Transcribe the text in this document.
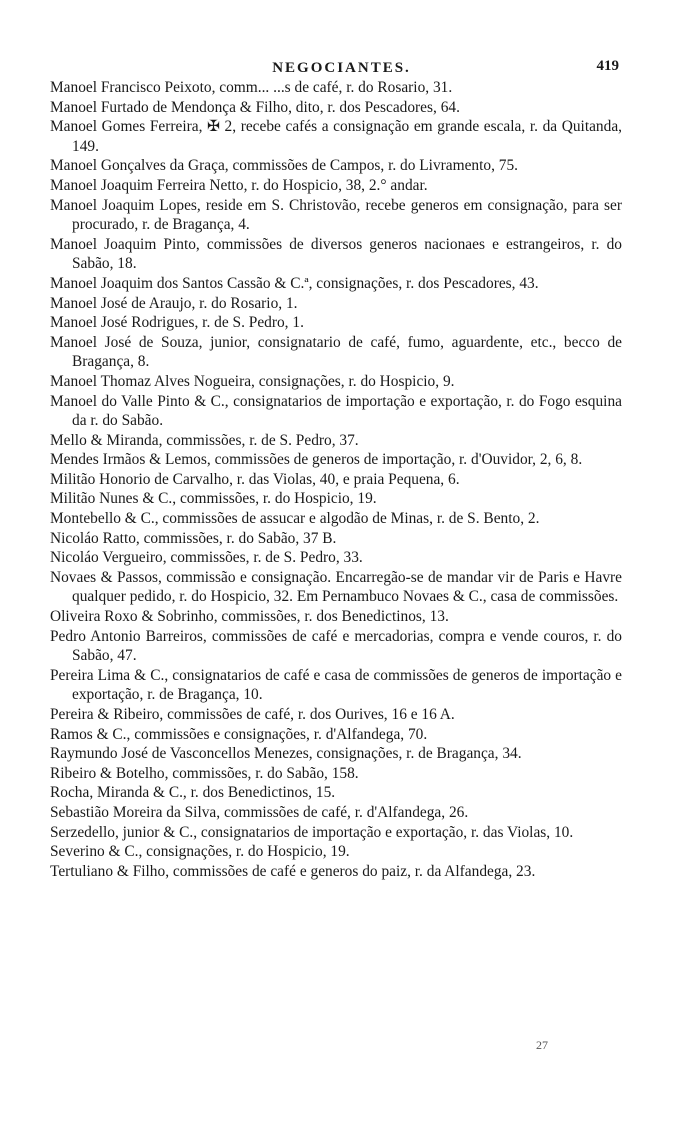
NEGOCIANTES.	419

Manoel Francisco Peixoto, comm... ...s de café, r. do Rosario, 31.

Manoel Furtado de Mendonça & Filho, dito, r. dos Pescadores, 64.

Manoel Gomes Ferreira, ✠ 2, recebe cafés a consignação em grande escala, r. da Quitanda, 149.

Manoel Gonçalves da Graça, commissões de Campos, r. do Livramento, 75.

Manoel Joaquim Ferreira Netto, r. do Hospicio, 38, 2.° andar.

Manoel Joaquim Lopes, reside em S. Christovão, recebe generos em consignação, para ser procurado, r. de Bragança, 4.

Manoel Joaquim Pinto, commissões de diversos generos nacionaes e estrangeiros, r. do Sabão, 18.

Manoel Joaquim dos Santos Cassão & C.ª, consignações, r. dos Pescadores, 43.

Manoel José de Araujo, r. do Rosario, 1.

Manoel José Rodrigues, r. de S. Pedro, 1.

Manoel José de Souza, junior, consignatario de café, fumo, aguardente, etc., becco de Bragança, 8.

Manoel Thomaz Alves Nogueira, consignações, r. do Hospicio, 9.

Manoel do Valle Pinto & C., consignatarios de importação e exportação, r. do Fogo esquina da r. do Sabão.

Mello & Miranda, commissões, r. de S. Pedro, 37.

Mendes Irmãos & Lemos, commissões de generos de importação, r. d'Ouvidor, 2, 6, 8.

Militão Honorio de Carvalho, r. das Violas, 40, e praia Pequena, 6.

Militão Nunes & C., commissões, r. do Hospicio, 19.

Montebello & C., commissões de assucar e algodão de Minas, r. de S. Bento, 2.

Nicoláo Ratto, commissões, r. do Sabão, 37 B.

Nicoláo Vergueiro, commissões, r. de S. Pedro, 33.

Novaes & Passos, commissão e consignação. Encarregão-se de mandar vir de Paris e Havre qualquer pedido, r. do Hospicio, 32. Em Pernambuco Novaes & C., casa de commissões.

Oliveira Roxo & Sobrinho, commissões, r. dos Benedictinos, 13.

Pedro Antonio Barreiros, commissões de café e mercadorias, compra e vende couros, r. do Sabão, 47.

Pereira Lima & C., consignatarios de café e casa de commissões de generos de importação e exportação, r. de Bragança, 10.

Pereira & Ribeiro, commissões de café, r. dos Ourives, 16 e 16 A.

Ramos & C., commissões e consignações, r. d'Alfandega, 70.

Raymundo José de Vasconcellos Menezes, consignações, r. de Bragança, 34.

Ribeiro & Botelho, commissões, r. do Sabão, 158.

Rocha, Miranda & C., r. dos Benedictinos, 15.

Sebastião Moreira da Silva, commissões de café, r. d'Alfandega, 26.

Serzedello, junior & C., consignatarios de importação e exportação, r. das Violas, 10.

Severino & C., consignações, r. do Hospicio, 19.

Tertuliano & Filho, commissões de café e generos do paiz, r. da Alfandega, 23.

27
